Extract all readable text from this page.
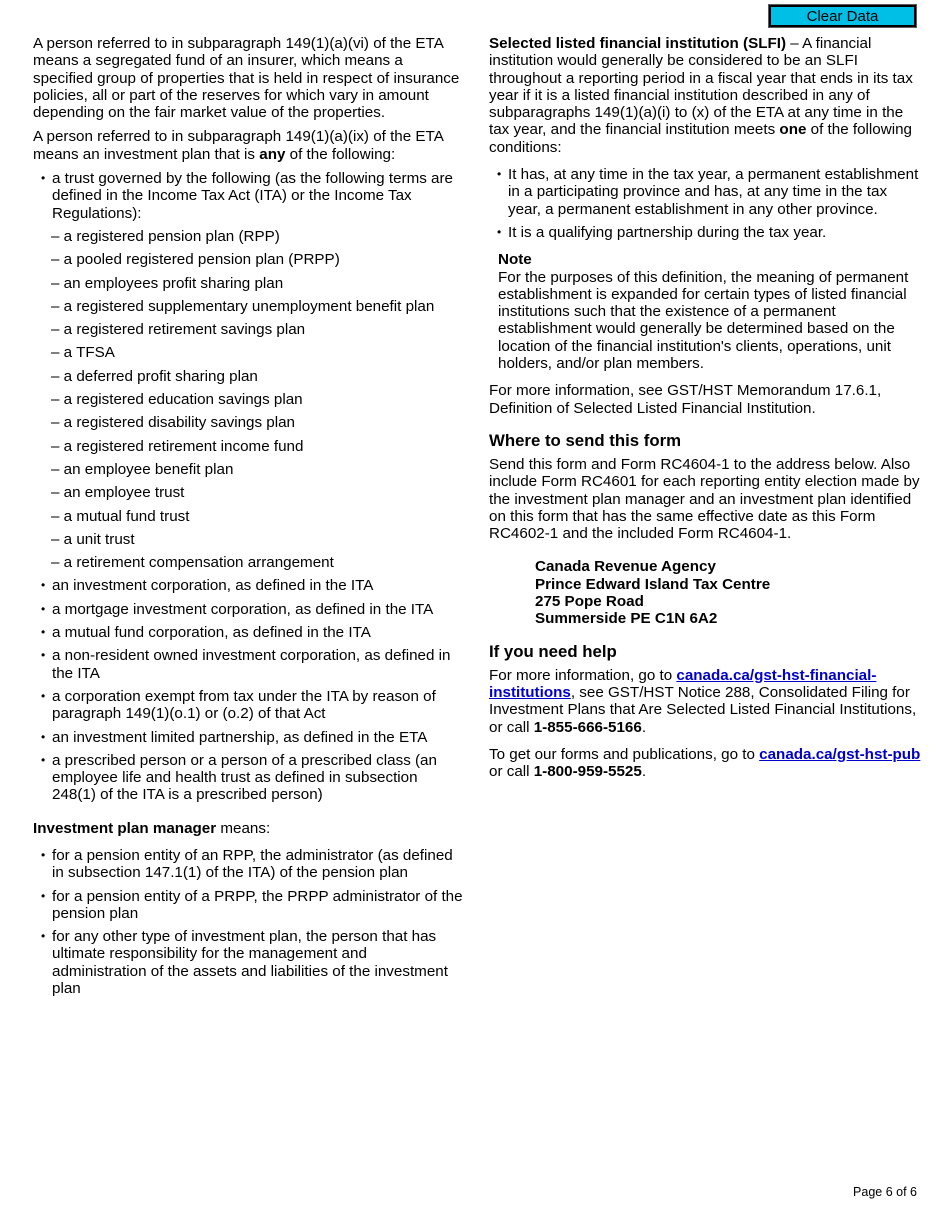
Clear Data

A person referred to in subparagraph 149(1)(a)(vi) of the ETA means a segregated fund of an insurer, which means a specified group of properties that is held in respect of insurance policies, all or part of the reserves for which vary in amount depending on the fair market value of the properties.

A person referred to in subparagraph 149(1)(a)(ix) of the ETA means an investment plan that is any of the following:

• a trust governed by the following (as the following terms are defined in the Income Tax Act (ITA) or the Income Tax Regulations):
– a registered pension plan (RPP)
– a pooled registered pension plan (PRPP)
– an employees profit sharing plan
– a registered supplementary unemployment benefit plan
– a registered retirement savings plan
– a TFSA
– a deferred profit sharing plan
– a registered education savings plan
– a registered disability savings plan
– a registered retirement income fund
– an employee benefit plan
– an employee trust
– a mutual fund trust
– a unit trust
– a retirement compensation arrangement
• an investment corporation, as defined in the ITA
• a mortgage investment corporation, as defined in the ITA
• a mutual fund corporation, as defined in the ITA
• a non-resident owned investment corporation, as defined in the ITA
• a corporation exempt from tax under the ITA by reason of paragraph 149(1)(o.1) or (o.2) of that Act
• an investment limited partnership, as defined in the ETA
• a prescribed person or a person of a prescribed class (an employee life and health trust as defined in subsection 248(1) of the ITA is a prescribed person)

Investment plan manager means:

• for a pension entity of an RPP, the administrator (as defined in subsection 147.1(1) of the ITA) of the pension plan
• for a pension entity of a PRPP, the PRPP administrator of the pension plan
• for any other type of investment plan, the person that has ultimate responsibility for the management and administration of the assets and liabilities of the investment plan

Selected listed financial institution (SLFI) – A financial institution would generally be considered to be an SLFI throughout a reporting period in a fiscal year that ends in its tax year if it is a listed financial institution described in any of subparagraphs 149(1)(a)(i) to (x) of the ETA at any time in the tax year, and the financial institution meets one of the following conditions:

• It has, at any time in the tax year, a permanent establishment in a participating province and has, at any time in the tax year, a permanent establishment in any other province.
• It is a qualifying partnership during the tax year.

Note

For the purposes of this definition, the meaning of permanent establishment is expanded for certain types of listed financial institutions such that the existence of a permanent establishment would generally be determined based on the location of the financial institution's clients, operations, unit holders, and/or plan members.

For more information, see GST/HST Memorandum 17.6.1, Definition of Selected Listed Financial Institution.

Where to send this form

Send this form and Form RC4604-1 to the address below. Also include Form RC4601 for each reporting entity election made by the investment plan manager and an investment plan identified on this form that has the same effective date as this Form RC4602-1 and the included Form RC4604-1.

Canada Revenue Agency
Prince Edward Island Tax Centre
275 Pope Road
Summerside PE C1N 6A2
If you need help

For more information, go to canada.ca/gst-hst-financial-institutions, see GST/HST Notice 288, Consolidated Filing for Investment Plans that Are Selected Listed Financial Institutions, or call 1-855-666-5166.

To get our forms and publications, go to canada.ca/gst-hst-pub or call 1-800-959-5525.

Page 6 of 6
